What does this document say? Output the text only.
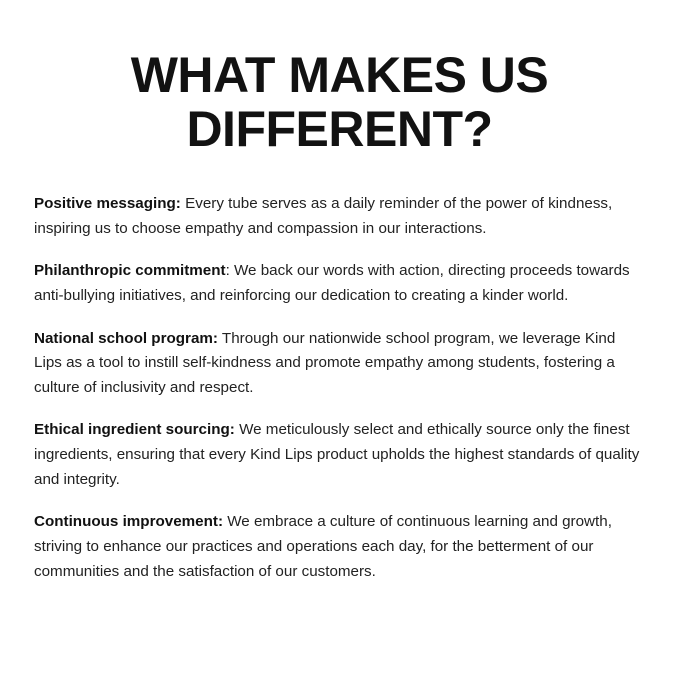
WHAT MAKES US
DIFFERENT?

Positive messaging: Every tube serves as a daily reminder of the power of kindness, inspiring us to choose empathy and compassion in our interactions.

Philanthropic commitment: We back our words with action, directing proceeds towards anti-bullying initiatives, and reinforcing our dedication to creating a kinder world.

National school program: Through our nationwide school program, we leverage Kind Lips as a tool to instill self-kindness and promote empathy among students, fostering a culture of inclusivity and respect.

Ethical ingredient sourcing: We meticulously select and ethically source only the finest ingredients, ensuring that every Kind Lips product upholds the highest standards of quality and integrity.

Continuous improvement: We embrace a culture of continuous learning and growth, striving to enhance our practices and operations each day, for the betterment of our communities and the satisfaction of our customers.
